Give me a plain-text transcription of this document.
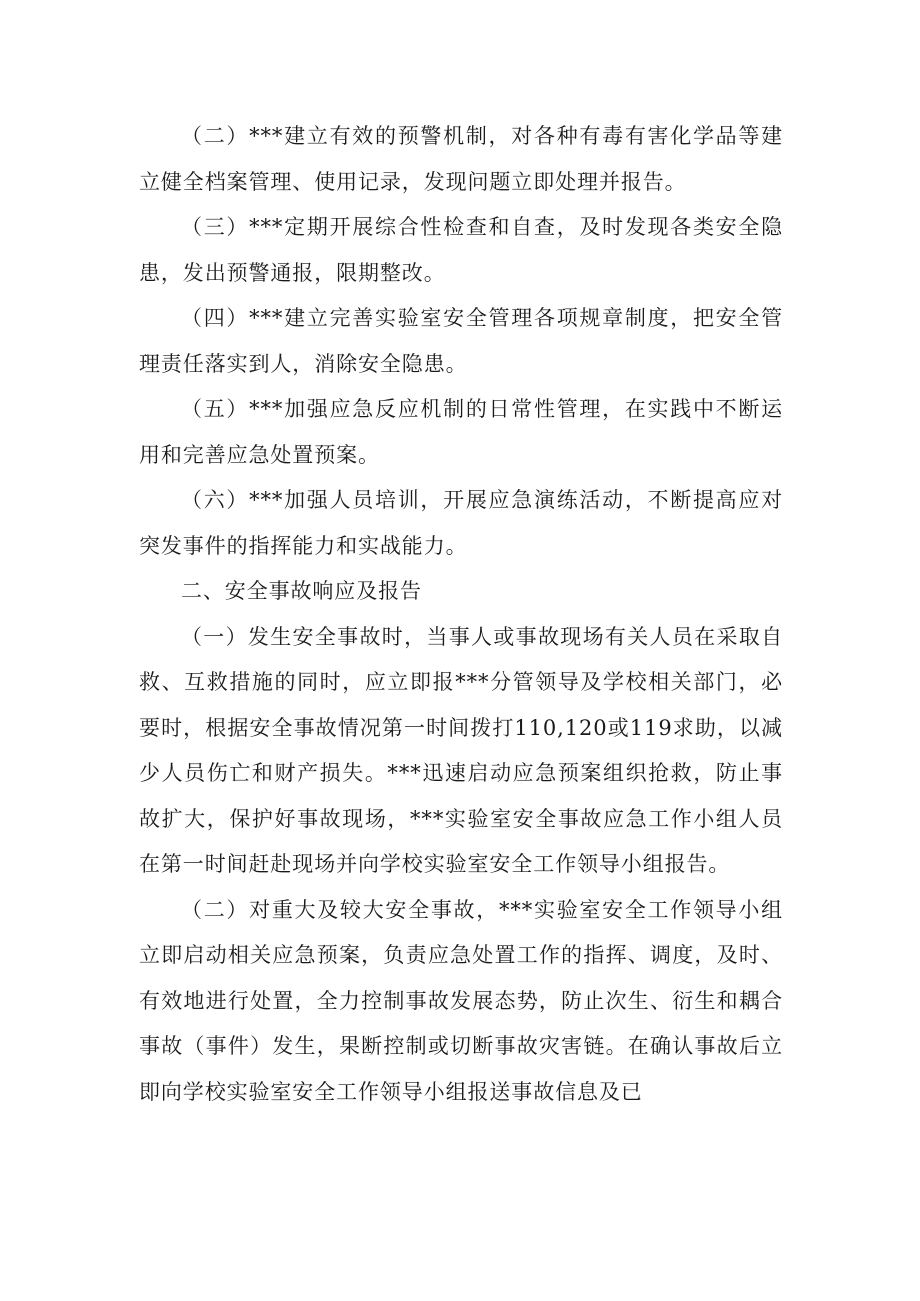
（二）***建立有效的预警机制，对各种有毒有害化学品等建立健全档案管理、使用记录，发现问题立即处理并报告。

（三）***定期开展综合性检查和自查，及时发现各类安全隐患，发出预警通报，限期整改。

（四）***建立完善实验室安全管理各项规章制度，把安全管理责任落实到人，消除安全隐患。

（五）***加强应急反应机制的日常性管理，在实践中不断运用和完善应急处置预案。

（六）***加强人员培训，开展应急演练活动，不断提高应对突发事件的指挥能力和实战能力。

二、安全事故响应及报告

（一）发生安全事故时，当事人或事故现场有关人员在采取自救、互救措施的同时，应立即报***分管领导及学校相关部门，必要时，根据安全事故情况第一时间拨打110,120或119求助，以减少人员伤亡和财产损失。***迅速启动应急预案组织抢救，防止事故扩大，保护好事故现场，***实验室安全事故应急工作小组人员在第一时间赶赴现场并向学校实验室安全工作领导小组报告。

（二）对重大及较大安全事故，***实验室安全工作领导小组立即启动相关应急预案，负责应急处置工作的指挥、调度，及时、有效地进行处置，全力控制事故发展态势，防止次生、衍生和耦合事故（事件）发生，果断控制或切断事故灾害链。在确认事故后立即向学校实验室安全工作领导小组报送事故信息及已
